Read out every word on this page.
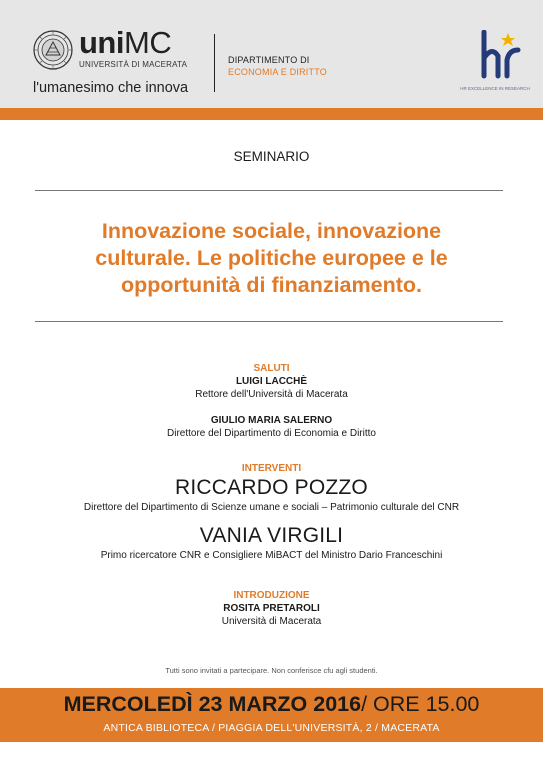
uniMC
UNIVERSITÀ DI MACERATA
l'umanesimo che innova
DIPARTIMENTO DI
ECONOMIA E DIRITTO
HR EXCELLENCE IN RESEARCH
SEMINARIO
Innovazione sociale, innovazione
culturale. Le politiche europee e le
opportunità di finanziamento.
SALUTI
LUIGI LACCHÈ
Rettore dell'Università di Macerata
GIULIO MARIA SALERNO
Direttore del Dipartimento di Economia e Diritto
INTERVENTI
RICCARDO POZZO
Direttore del Dipartimento di Scienze umane e sociali – Patrimonio culturale del CNR
VANIA VIRGILI
Primo ricercatore CNR e Consigliere MiBACT del Ministro Dario Franceschini
INTRODUZIONE
ROSITA PRETAROLI
Università di Macerata
Tutti sono invitati a partecipare. Non conferisce cfu agli studenti.
MERCOLEDÌ 23 MARZO 2016/ ORE 15.00
ANTICA BIBLIOTECA / PIAGGIA DELL'UNIVERSITÀ, 2 / MACERATA
